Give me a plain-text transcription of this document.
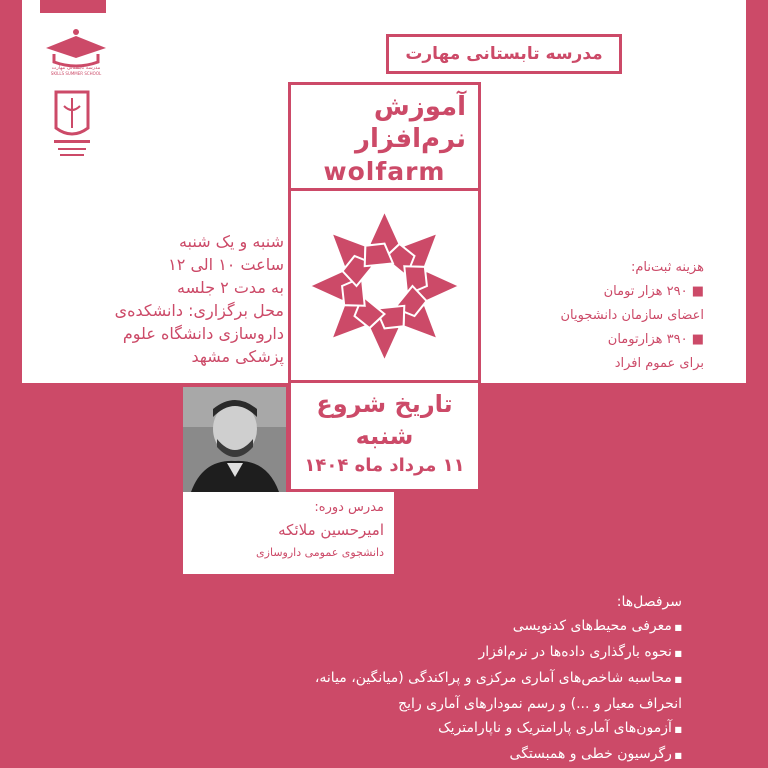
مدرسه تابستانی مهارت
SKILLS SUMMER SCHOOL
مدرسه تابستانی مهارت
آموزش
نرم‌افزار
wolfarm
شنبه و یک شنبه
ساعت ۱۰ الی ۱۲
به مدت ۲ جلسه
محل برگزاری: دانشکده‌ی داروسازی دانشگاه علوم پزشکی مشهد
هزینه ثبت‌نام:
■ ۲۹۰ هزار تومان
اعضای سازمان دانشجویان
■ ۳۹۰ هزارتومان
برای عموم افراد
تاریخ شروع
شنبه
۱۱ مرداد ماه ۱۴۰۴
مدرس دوره:
امیرحسین ملائکه
دانشجوی عمومی داروسازی
سرفصل‌ها:
■ معرفی محیط‌های کدنویسی
■ نحوه بارگذاری داده‌ها در نرم‌افزار
■ محاسبه شاخص‌های آماری مرکزی و پراکندگی (میانگین، میانه، انحراف معیار و ...) و رسم نمودارهای آماری رایج
■ آزمون‌های آماری پارامتریک و ناپارامتریک
■ رگرسیون خطی و همبستگی
